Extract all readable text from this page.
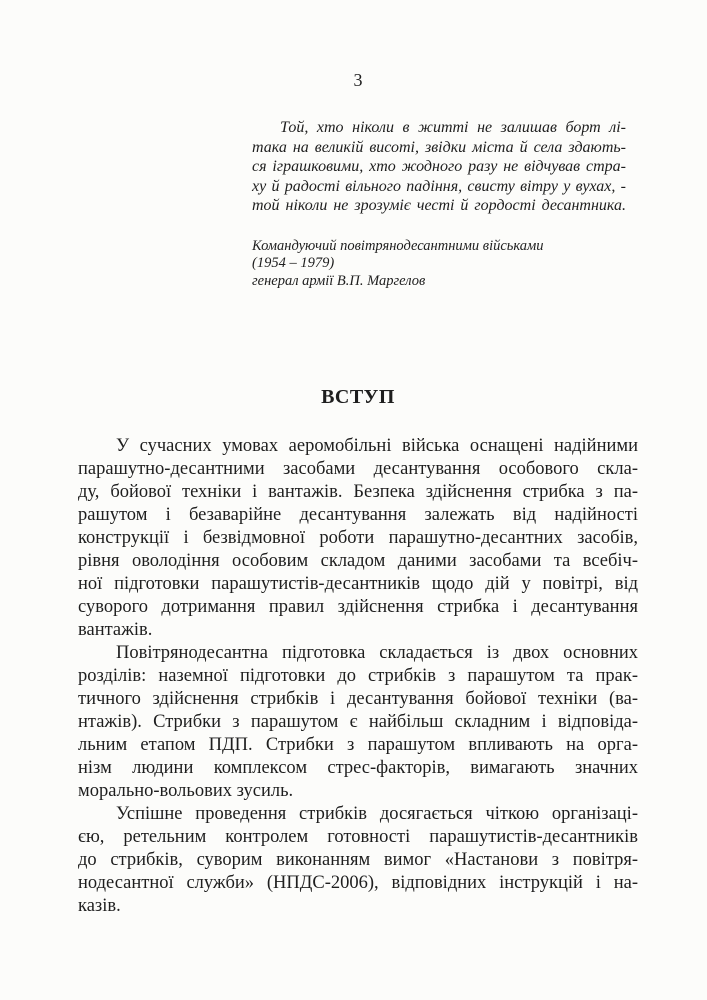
3
Той, хто ніколи в житті не залишав борт лі-
така на великій висоті, звідки міста й села здають-
ся іграшковими, хто жодного разу не відчував стра-
ху й радості вільного падіння, свисту вітру у вухах, -
той ніколи не зрозуміє честі й гордості десантника.
Командуючий повітрянодесантними військами
(1954 – 1979)
генерал армії В.П. Маргелов
ВСТУП
У сучасних умовах аеромобільні війська оснащені надійними
парашутно-десантними засобами десантування особового скла-
ду, бойової техніки і вантажів. Безпека здійснення стрибка з па-
рашутом і безаварійне десантування залежать від надійності
конструкції і безвідмовної роботи парашутно-десантних засобів,
рівня оволодіння особовим складом даними засобами та всебіч-
ної підготовки парашутистів-десантників щодо дій у повітрі, від
суворого дотримання правил здійснення стрибка і десантування
вантажів.
Повітрянодесантна підготовка складається із двох основних
розділів: наземної підготовки до стрибків з парашутом та прак-
тичного здійснення стрибків і десантування бойової техніки (ва-
нтажів). Стрибки з парашутом є найбільш складним і відповіда-
льним етапом ПДП. Стрибки з парашутом впливають на орга-
нізм людини комплексом стрес-факторів, вимагають значних
морально-вольових зусиль.
Успішне проведення стрибків досягається чіткою організаці-
єю, ретельним контролем готовності парашутистів-десантників
до стрибків, суворим виконанням вимог «Настанови з повітря-
нодесантної служби» (НПДС-2006), відповідних інструкцій і на-
казів.
